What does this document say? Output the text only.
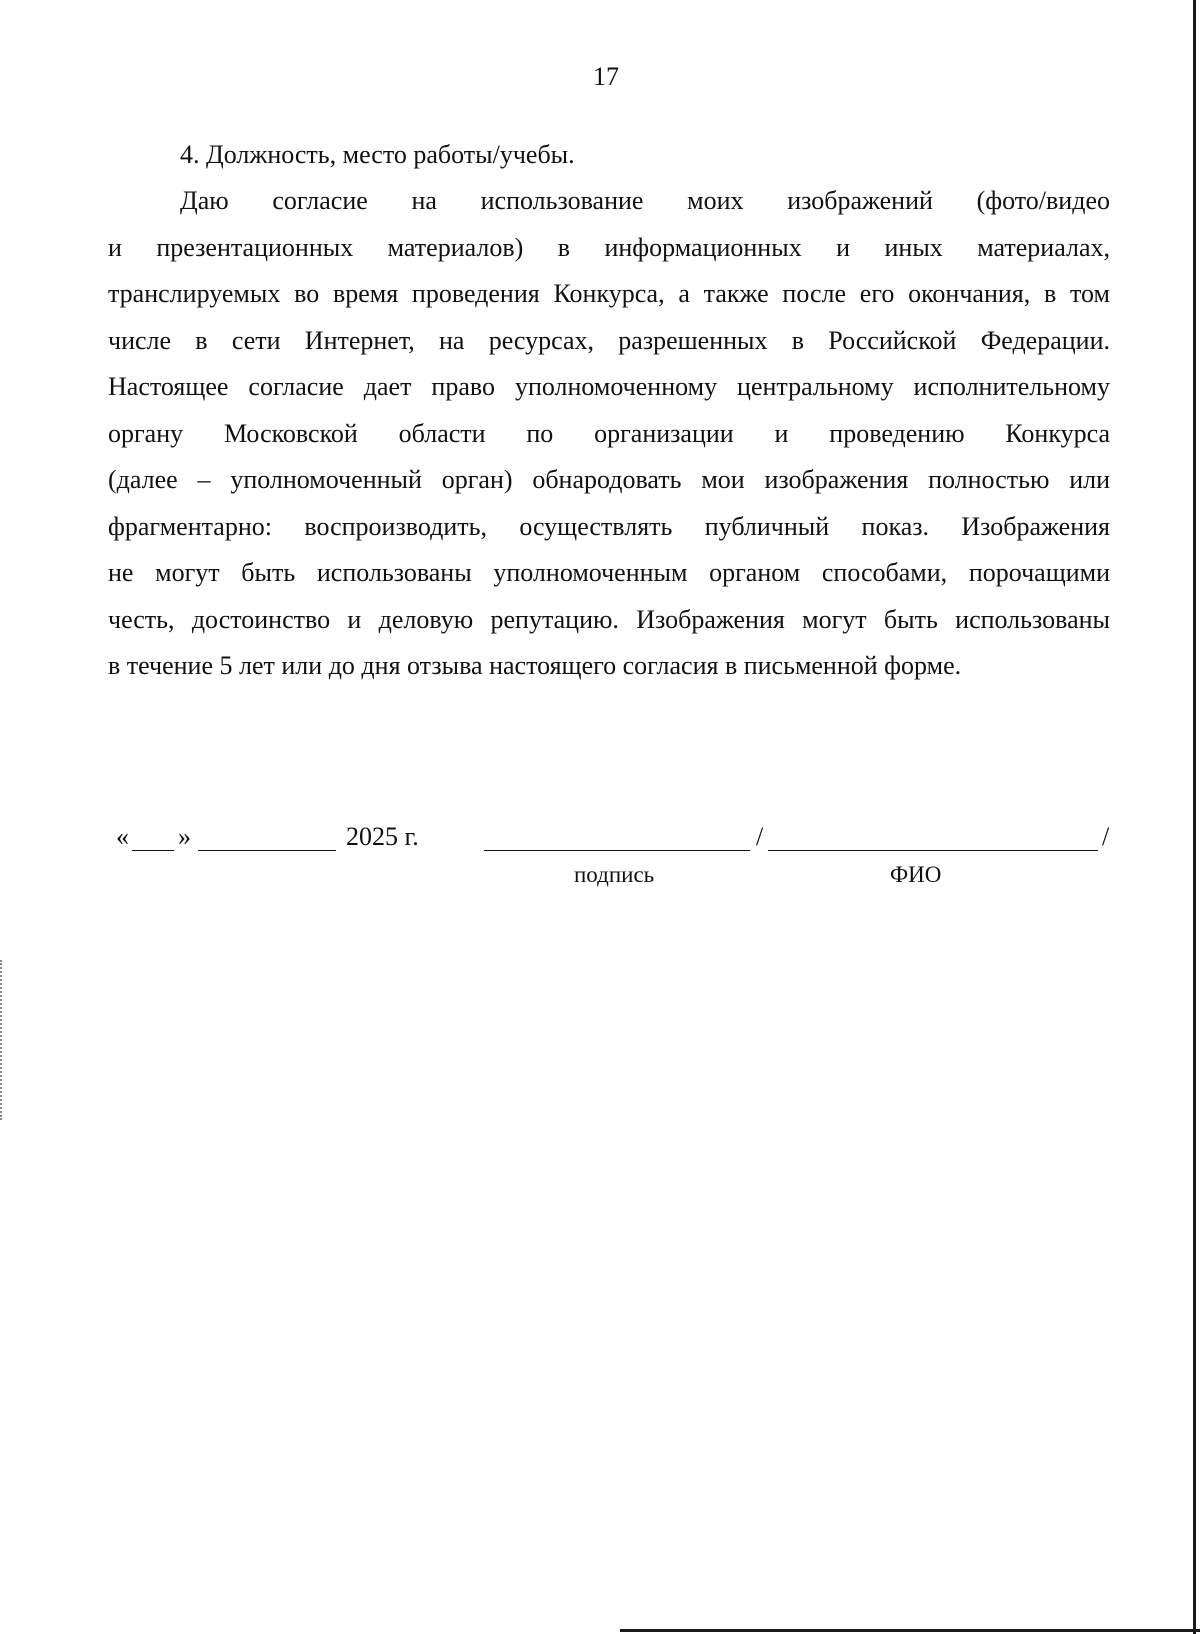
17
4. Должность, место работы/учебы.
Даю согласие на использование моих изображений (фото/видео
и презентационных материалов) в информационных и иных материалах,
транслируемых во время проведения Конкурса, а также после его окончания, в том
числе в сети Интернет, на ресурсах, разрешенных в Российской Федерации.
Настоящее согласие дает право уполномоченному центральному исполнительному
органу Московской области по организации и проведению Конкурса
(далее – уполномоченный орган) обнародовать мои изображения полностью или
фрагментарно: воспроизводить, осуществлять публичный показ. Изображения
не могут быть использованы уполномоченным органом способами, порочащими
честь, достоинство и деловую репутацию. Изображения могут быть использованы
в течение 5 лет или до дня отзыва настоящего согласия в письменной форме.
« »	2025 г.	/	/
подпись	ФИО
